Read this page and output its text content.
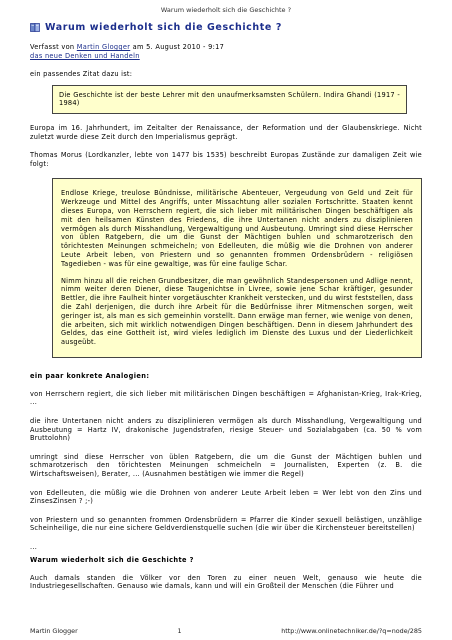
Warum wiederholt sich die Geschichte ?
Warum wiederholt sich die Geschichte ?
Verfasst von Martin Glogger am 5. August 2010 - 9:17
das neue Denken und Handeln

ein passendes Zitat dazu ist:

Die Geschichte ist der beste Lehrer mit den unaufmerksamsten Schülern. Indira Ghandi (1917 - 1984)

Europa im 16. Jahrhundert, im Zeitalter der Renaissance, der Reformation und der Glaubenskriege. Nicht zuletzt wurde diese Zeit durch den Imperialismus geprägt.

Thomas Morus (Lordkanzler, lebte von 1477 bis 1535) beschreibt Europas Zustände zur damaligen Zeit wie folgt:

Endlose Kriege, treulose Bündnisse, militärische Abenteuer, Vergeudung von Geld und Zeit für Werkzeuge und Mittel des Angriffs, unter Missachtung aller sozialen Fortschritte. Staaten kennt dieses Europa, von Herrschern regiert, die sich lieber mit militärischen Dingen beschäftigen als mit den heilsamen Künsten des Friedens, die ihre Untertanen nicht anders zu disziplinieren vermögen als durch Misshandlung, Vergewaltigung und Ausbeutung. Umringt sind diese Herrscher von üblen Ratgebern, die um die Gunst der Mächtigen buhlen und schmarotzerisch den törichtesten Meinungen schmeicheln; von Edelleuten, die müßig wie die Drohnen von anderer Leute Arbeit leben, von Priestern und so genannten frommen Ordensbrüdern - religiösen Tagedieben - was für eine gewaltige, was für eine faulige Schar.

Nimm hinzu all die reichen Grundbesitzer, die man gewöhnlich Standespersonen und Adlige nennt, nimm weiter deren Diener, diese Taugenichtse in Livree, sowie jene Schar kräftiger, gesunder Bettler, die ihre Faulheit hinter vorgetäuschter Krankheit verstecken, und du wirst feststellen, dass die Zahl derjenigen, die durch ihre Arbeit für die Bedürfnisse ihrer Mitmenschen sorgen, weit geringer ist, als man es sich gemeinhin vorstellt. Dann erwäge man ferner, wie wenige von denen, die arbeiten, sich mit wirklich notwendigen Dingen beschäftigen. Denn in diesem Jahrhundert des Geldes, das eine Gottheit ist, wird vieles lediglich im Dienste des Luxus und der Liederlichkeit ausgeübt.

ein paar konkrete Analogien:

von Herrschern regiert, die sich lieber mit militärischen Dingen beschäftigen = Afghanistan-Krieg, Irak-Krieg, ...

die ihre Untertanen nicht anders zu disziplinieren vermögen als durch Misshandlung, Vergewaltigung und Ausbeutung = Hartz IV, drakonische Jugendstrafen, riesige Steuer- und Sozialabgaben (ca. 50 % vom Bruttolohn)

umringt sind diese Herrscher von üblen Ratgebern, die um die Gunst der Mächtigen buhlen und schmarotzerisch den törichtesten Meinungen schmeicheln = Journalisten, Experten (z. B. die Wirtschaftsweisen), Berater, ... (Ausnahmen bestätigen wie immer die Regel)

von Edelleuten, die müßig wie die Drohnen von anderer Leute Arbeit leben = Wer lebt von den Zins und ZinsesZinsen ? ;-)

von Priestern und so genannten frommen Ordensbrüdern = Pfarrer die Kinder sexuell belästigen, unzählige Scheinheilige, die nur eine sichere Geldverdienstquelle suchen (die wir über die Kirchensteuer bereitstellen)

...

Warum wiederholt sich die Geschichte ?

Auch damals standen die Völker vor den Toren zu einer neuen Welt, genauso wie heute die Industriegesellschaften. Genauso wie damals, kann und will ein Großteil der Menschen (die Führer und

Martin Glogger	1	http://www.onlinetechniker.de/?q=node/285
